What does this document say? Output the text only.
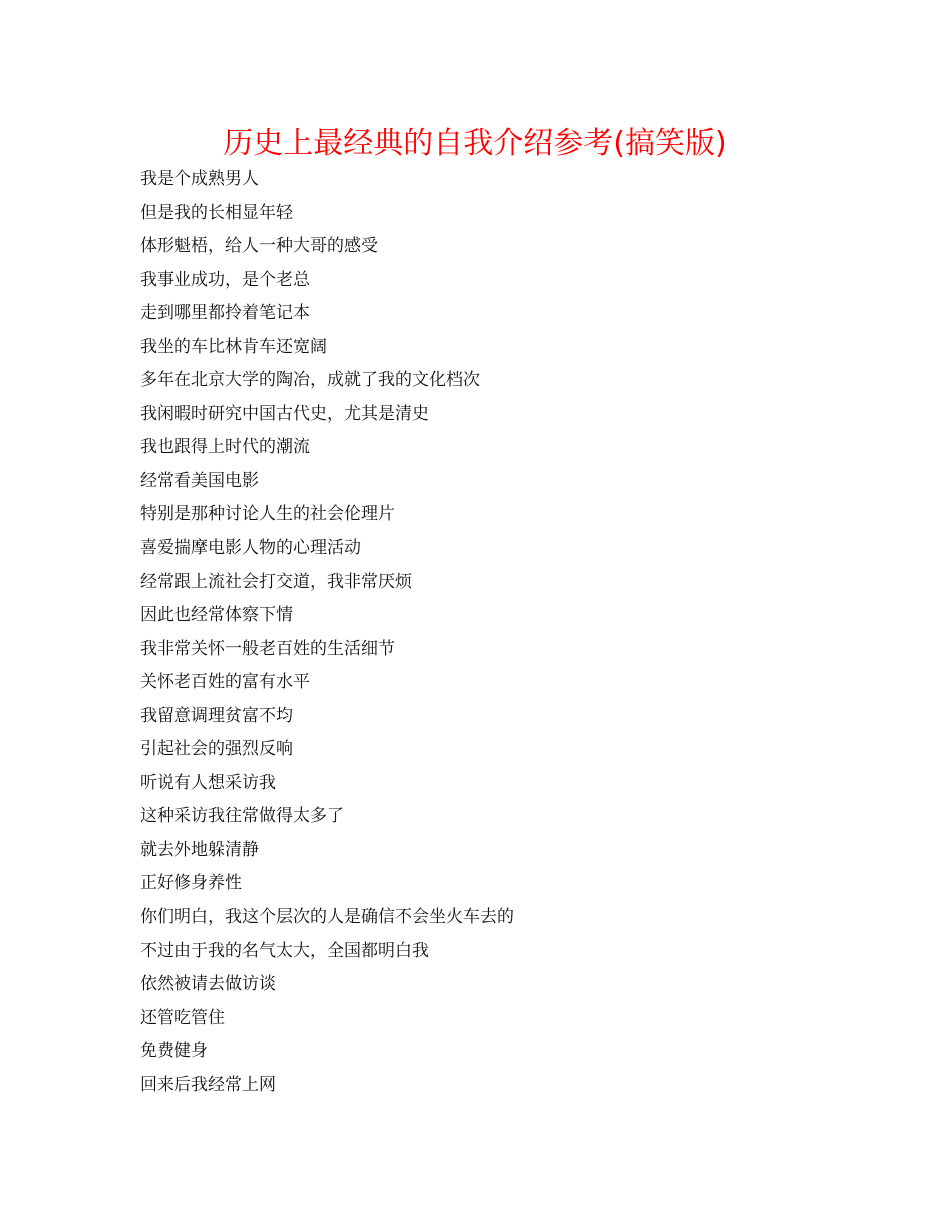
历史上最经典的自我介绍参考(搞笑版)
我是个成熟男人
但是我的长相显年轻
体形魁梧，给人一种大哥的感受
我事业成功，是个老总
走到哪里都拎着笔记本
我坐的车比林肯车还宽阔
多年在北京大学的陶冶，成就了我的文化档次
我闲暇时研究中国古代史，尤其是清史
我也跟得上时代的潮流
经常看美国电影
特别是那种讨论人生的社会伦理片
喜爱揣摩电影人物的心理活动
经常跟上流社会打交道，我非常厌烦
因此也经常体察下情
我非常关怀一般老百姓的生活细节
关怀老百姓的富有水平
我留意调理贫富不均
引起社会的强烈反响
听说有人想采访我
这种采访我往常做得太多了
就去外地躲清静
正好修身养性
你们明白，我这个层次的人是确信不会坐火车去的
不过由于我的名气太大，全国都明白我
依然被请去做访谈
还管吃管住
免费健身
回来后我经常上网
